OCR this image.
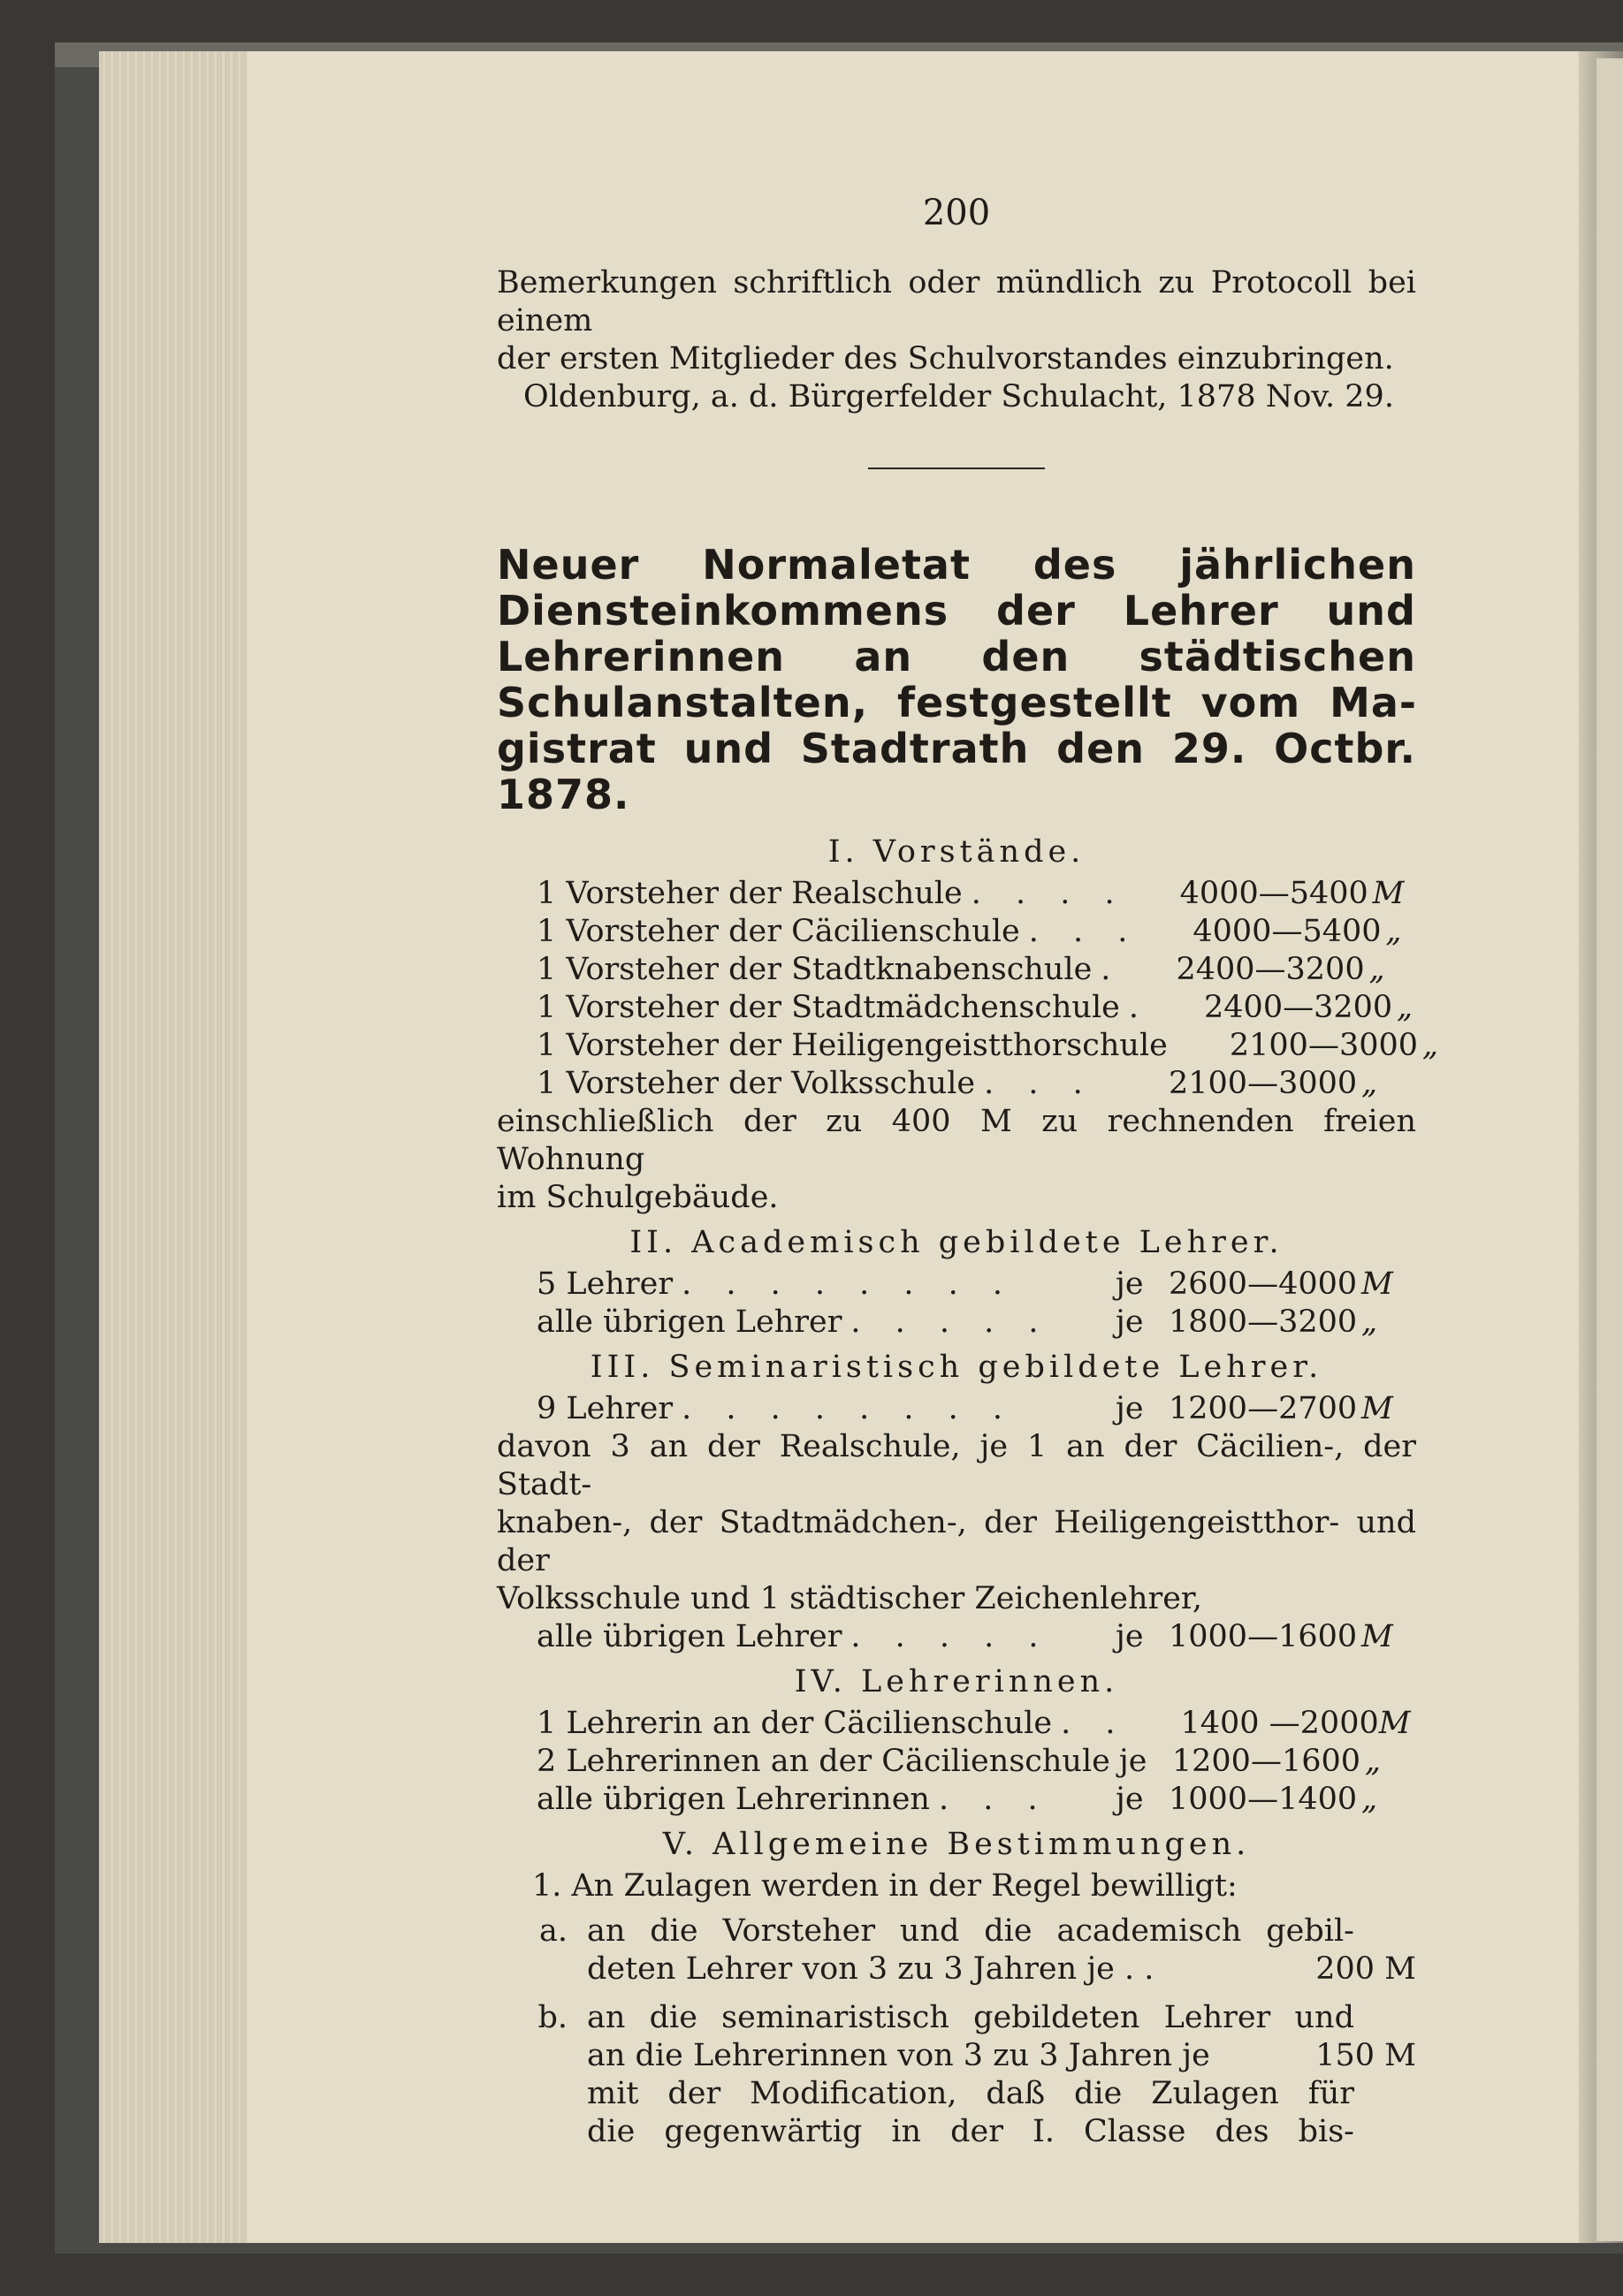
200

Bemerkungen schriftlich oder mündlich zu Protocoll bei einem

der ersten Mitglieder des Schulvorstandes einzubringen.

Oldenburg, a. d. Bürgerfelder Schulacht, 1878 Nov. 29.

Neuer Normaletat des jährlichen Diensteinkommens der Lehrer und Lehrerinnen an den städtischen Schulanstalten, festgestellt vom Magistrat und Stadtrath den 29. Octbr. 1878.

I. Vorstände.
1 Vorsteher der Realschule . . . . 4000—5400 M
1 Vorsteher der Cäcilienschule . . . 4000—5400 „
1 Vorsteher der Stadtknabenschule . 2400—3200 „
1 Vorsteher der Stadtmädchenschule . 2400—3200 „
1 Vorsteher der Heiligengeistthorschule 2100—3000 „
1 Vorsteher der Volksschule . . .	2100—3000 „

einschließlich der zu 400 M zu rechnenden freien Wohnung

im Schulgebäude.

II. Academisch gebildete Lehrer.
5 Lehrer . . . . . . . .	je 2600—4000 M
alle übrigen Lehrer . . . . .	je 1800—3200 „
III. Seminaristisch gebildete Lehrer.
9 Lehrer . . . . . . . .	je 1200—2700 M

davon 3 an der Realschule, je 1 an der Cäcilien-, der Stadt-

knaben-, der Stadtmädchen-, der Heiligengeistthor- und der

Volksschule und 1 städtischer Zeichenlehrer,

alle übrigen Lehrer . . . . .	je 1000—1600 M
IV. Lehrerinnen.
1 Lehrerin an der Cäcilienschule . . 1400 —2000 M
2 Lehrerinnen an der Cäcilienschule je 1200—1600 „
alle übrigen Lehrerinnen . . .	je 1000—1400 „
V. Allgemeine Bestimmungen.

1. An Zulagen werden in der Regel bewilligt:

a. an die Vorsteher und die academisch gebil-

deten Lehrer von 3 zu 3 Jahren je . .	200 M
b. an die seminaristisch gebildeten Lehrer und

an die Lehrerinnen von 3 zu 3 Jahren je	150 M

mit der Modification, daß die Zulagen für

die gegenwärtig in der I. Classe des bis-
